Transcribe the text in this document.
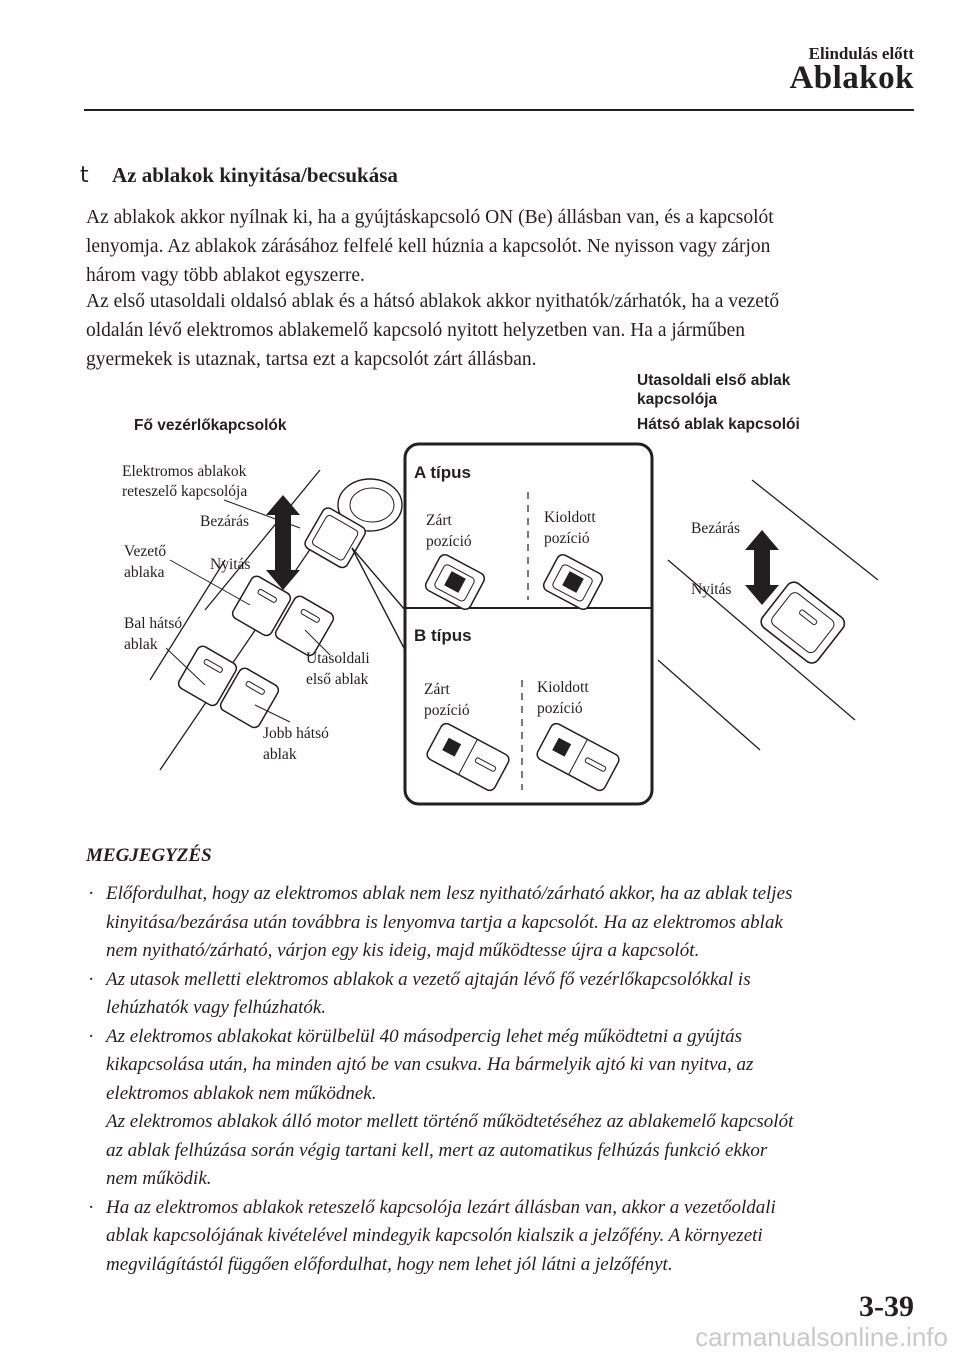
Elindulás előtt
Ablakok
t Az ablakok kinyitása/becsukása

Az ablakok akkor nyílnak ki, ha a gyújtáskapcsoló ON (Be) állásban van, és a kapcsolót

lenyomja. Az ablakok zárásához felfelé kell húznia a kapcsolót. Ne nyisson vagy zárjon

három vagy több ablakot egyszerre.

Az első utasoldali oldalsó ablak és a hátsó ablakok akkor nyithatók/zárhatók, ha a vezető

oldalán lévő elektromos ablakemelő kapcsoló nyitott helyzetben van. Ha a járműben

gyermekek is utaznak, tartsa ezt a kapcsolót zárt állásban.

Utasoldali első ablak
kapcsolója
Fő vezérlőkapcsolók	Hátsó ablak kapcsolói
Elektromos ablakok
reteszelő kapcsolója
Bezárás
Vezető
ablaka	Nyitás
Bal hátsó
ablak
Utasoldali
első ablak
Jobb hátsó
ablak
A típus
Zárt
pozíció
Kioldott
pozíció
B típus
Zárt
pozíció
Kioldott
pozíció
Bezárás
Nyitás
MEGJEGYZÉS
· Előfordulhat, hogy az elektromos ablak nem lesz nyitható/zárható akkor, ha az ablak teljes

kinyitása/bezárása után továbbra is lenyomva tartja a kapcsolót. Ha az elektromos ablak

nem nyitható/zárható, várjon egy kis ideig, majd működtesse újra a kapcsolót.

· Az utasok melletti elektromos ablakok a vezető ajtaján lévő fő vezérlőkapcsolókkal is

lehúzhatók vagy felhúzhatók.

· Az elektromos ablakokat körülbelül 40 másodpercig lehet még működtetni a gyújtás

kikapcsolása után, ha minden ajtó be van csukva. Ha bármelyik ajtó ki van nyitva, az

elektromos ablakok nem működnek.

Az elektromos ablakok álló motor mellett történő működtetéséhez az ablakemelő kapcsolót

az ablak felhúzása során végig tartani kell, mert az automatikus felhúzás funkció ekkor

nem működik.

· Ha az elektromos ablakok reteszelő kapcsolója lezárt állásban van, akkor a vezetőoldali

ablak kapcsolójának kivételével mindegyik kapcsolón kialszik a jelzőfény. A környezeti

megvilágítástól függően előfordulhat, hogy nem lehet jól látni a jelzőfényt.

3-39
carmanualsonline.info
